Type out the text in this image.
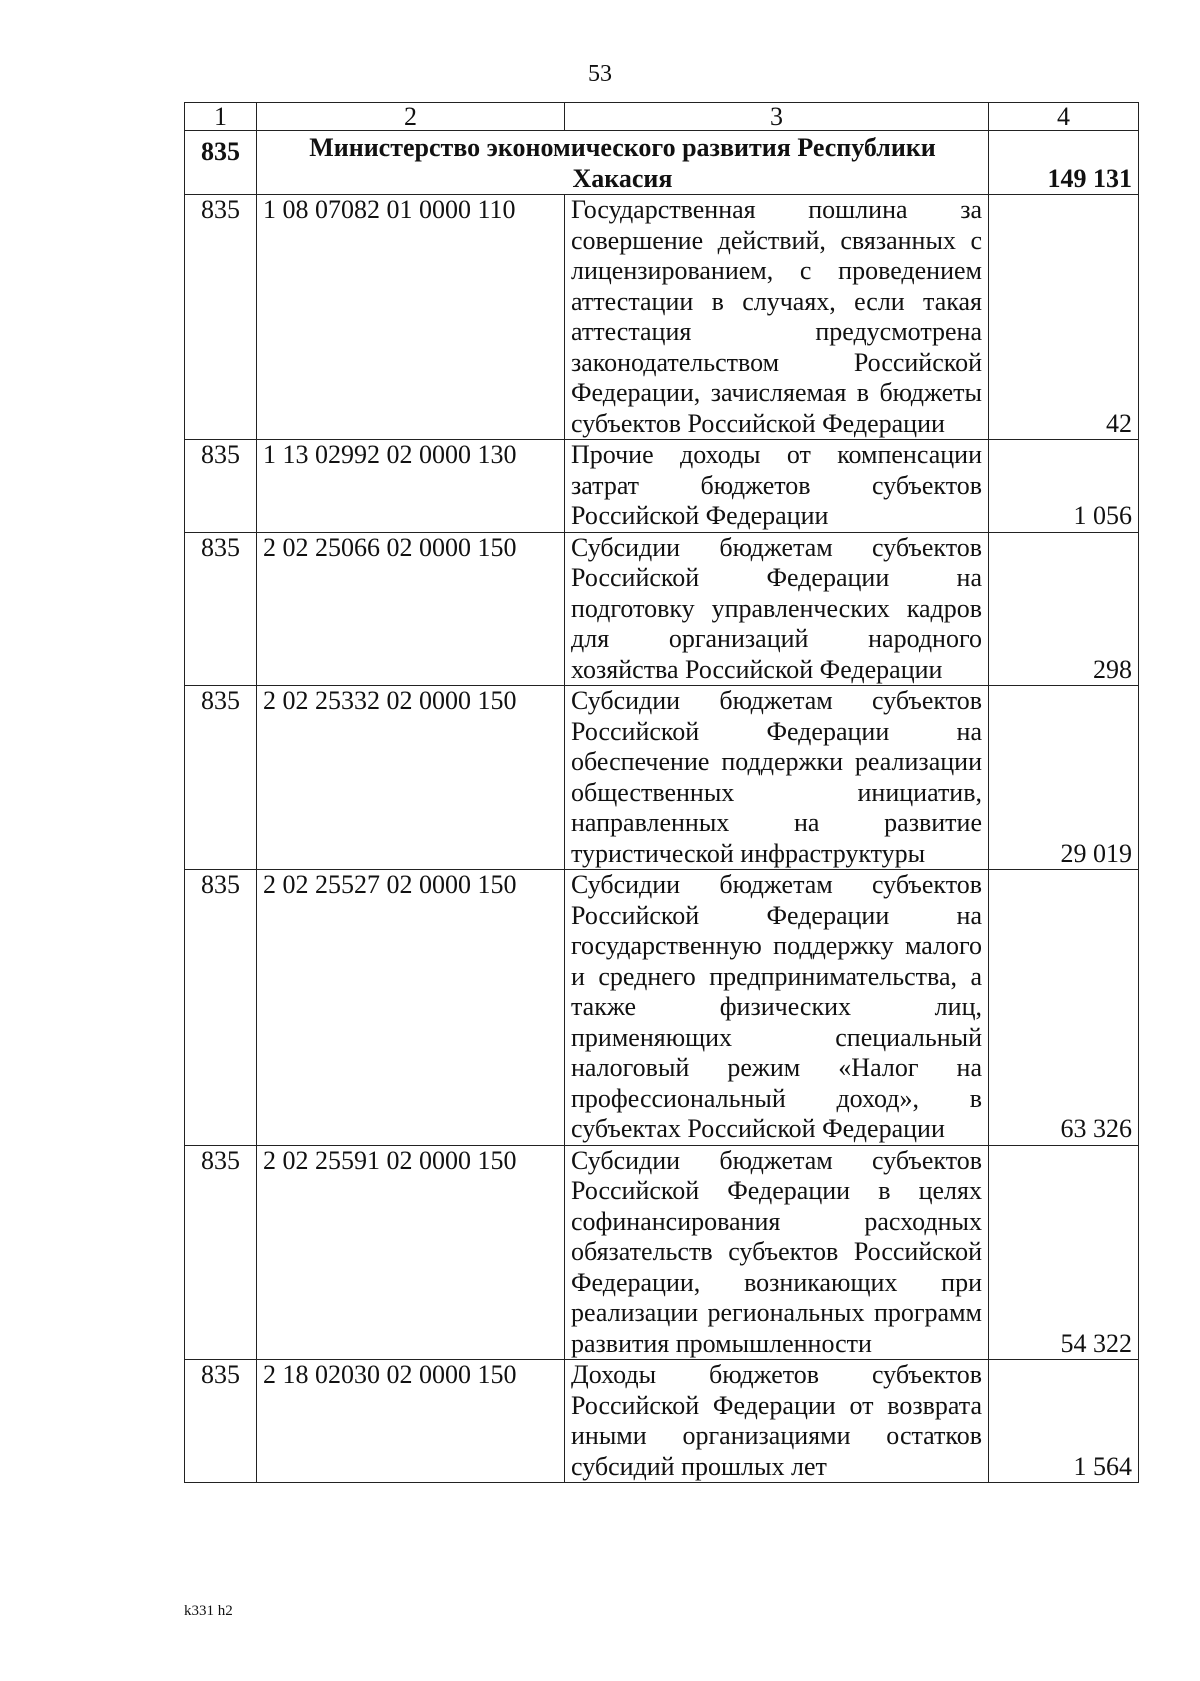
53
1	2	3	4
835	Министерство экономического развития Республики Хакасия		149 131
835	1 08 07082 01 0000 110	Государственная пошлина за совершение действий, связанных с лицензированием, с проведением аттестации в случаях, если такая аттестация предусмотрена законодательством Российской Федерации, зачисляемая в бюджеты субъектов Российской Федерации	42
835	1 13 02992 02 0000 130	Прочие доходы от компенсации затрат бюджетов субъектов Российской Федерации	1 056
835	2 02 25066 02 0000 150	Субсидии бюджетам субъектов Российской Федерации на подготовку управленческих кадров для организаций народного хозяйства Российской Федерации	298
835	2 02 25332 02 0000 150	Субсидии бюджетам субъектов Российской Федерации на обеспечение поддержки реализации общественных инициатив, направленных на развитие туристической инфраструктуры	29 019
835	2 02 25527 02 0000 150	Субсидии бюджетам субъектов Российской Федерации на государственную поддержку малого и среднего предпринимательства, а также физических лиц, применяющих специальный налоговый режим «Налог на профессиональный доход», в субъектах Российской Федерации	63 326
835	2 02 25591 02 0000 150	Субсидии бюджетам субъектов Российской Федерации в целях софинансирования расходных обязательств субъектов Российской Федерации, возникающих при реализации региональных программ развития промышленности	54 322
835	2 18 02030 02 0000 150	Доходы бюджетов субъектов Российской Федерации от возврата иными организациями остатков субсидий прошлых лет	1 564
k331 h2
